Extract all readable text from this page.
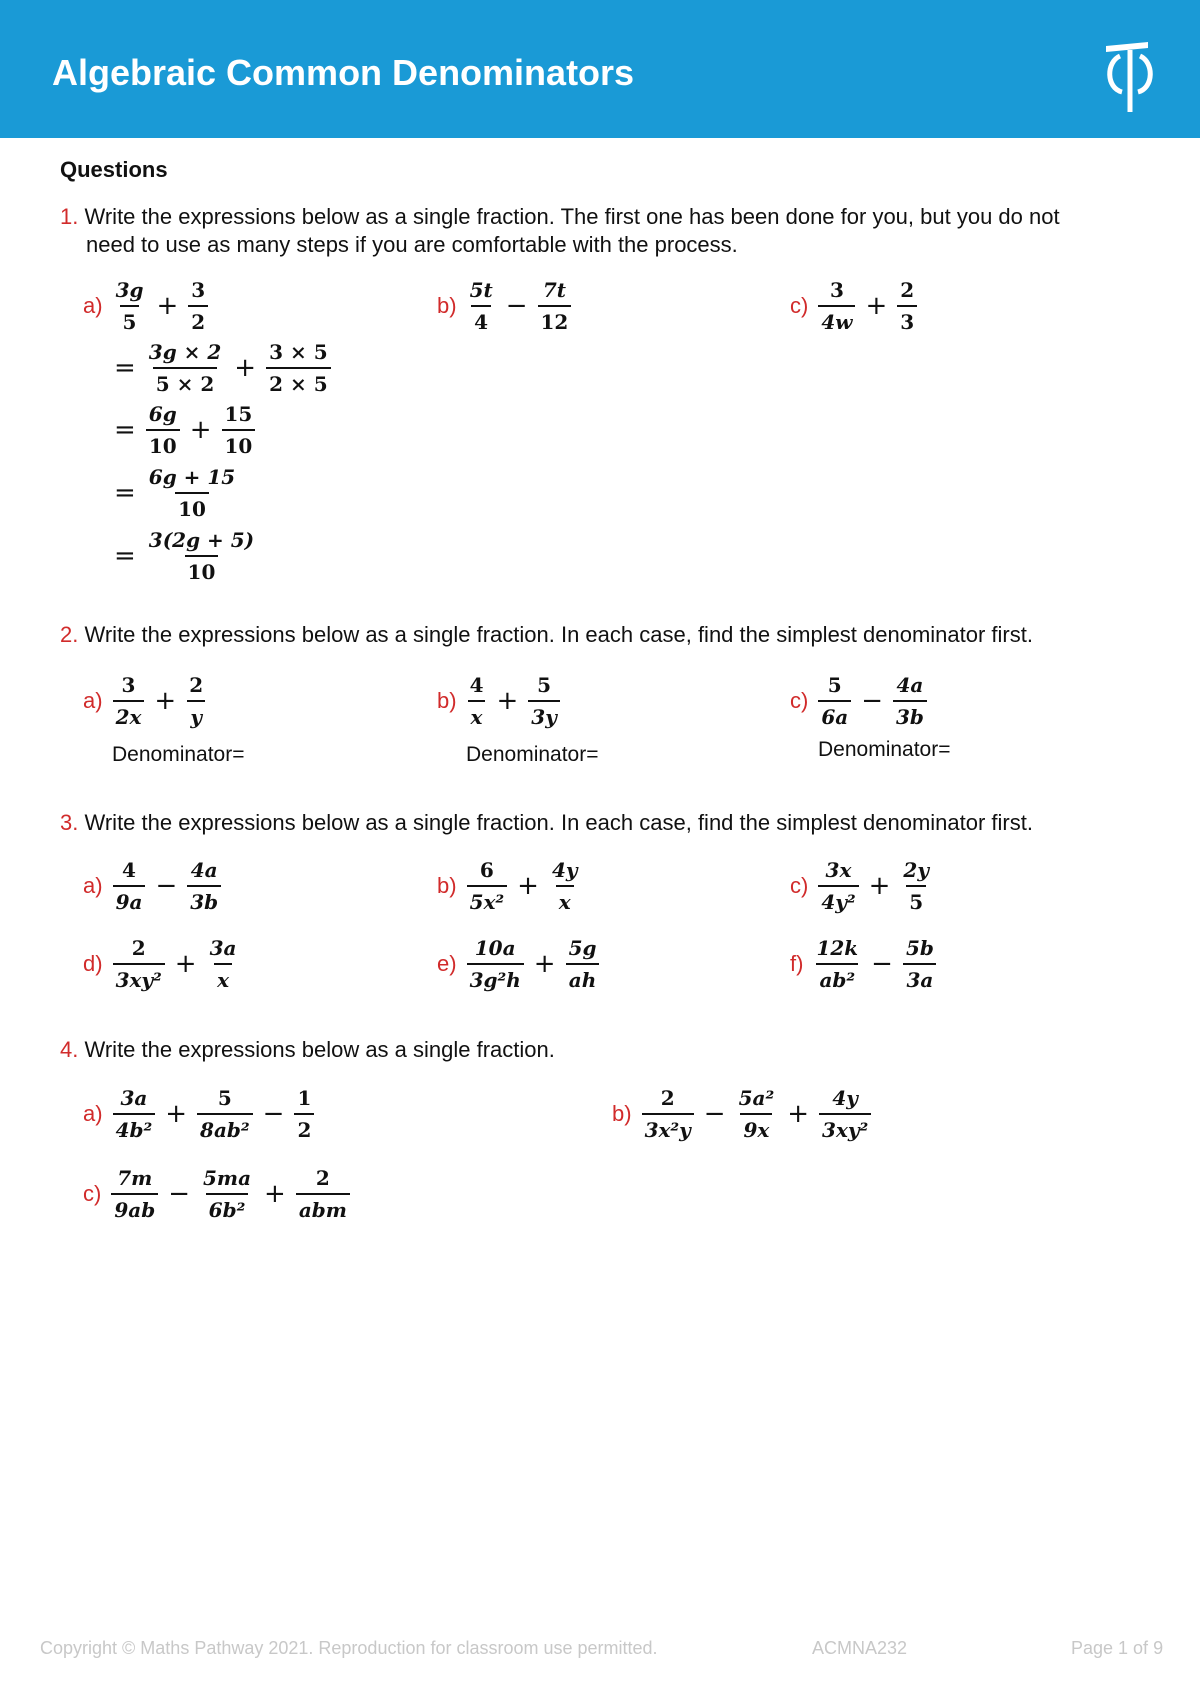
Algebraic Common Denominators
Questions
1. Write the expressions below as a single fraction. The first one has been done for you, but you do not
need to use as many steps if you are comfortable with the process.
$a) \frac{3g}{5} + \frac{3}{2}$
= $\frac{3g \times 2}{5 \times 2} + \frac{3 \times 5}{2 \times 5}$
= $\frac{6g}{10} + \frac{15}{10}$
= $\frac{6g + 15}{10}$
= $\frac{3(2g + 5)}{10}$
$b) \frac{5t}{4} - \frac{7t}{12}$	$c) \frac{3}{4w} + \frac{2}{3}$
2. Write the expressions below as a single fraction. In each case, find the simplest denominator first.
$a) \frac{3}{2x} + \frac{2}{y}$
Denominator=
$b) \frac{4}{x} + \frac{5}{3y}$
Denominator=
$c) \frac{5}{6a} - \frac{4a}{3b}$
Denominator=
3. Write the expressions below as a single fraction. In each case, find the simplest denominator first.
$a) \frac{4}{9a} - \frac{4a}{3b}$	$b) \frac{6}{\text{5x²}} + \frac{4y}{x}$	$c) \frac{3x}{\text{4y²}} + \frac{2y}{5}$
$d) \frac{2}{\text{3xy²}} + \frac{3a}{x}$	$e) \frac{10a}{\text{3g²h}} + \frac{5g}{ah}$	$f) \frac{12k}{\text{ab²}} - \frac{5b}{3a}$
4. Write the expressions below as a single fraction.
$a) \frac{3a}{\text{4b²}} + \frac{5}{\text{8ab²}} - \frac{1}{2}$	$b) \frac{2}{\text{3x²y}} - \frac{\text{5a²}}{9x} + \frac{4y}{\text{3xy²}}$
$c) \frac{7m}{9ab} - \frac{5ma}{\text{6b²}} + \frac{2}{\text{abm}}$
Copyright © Maths Pathway 2021. Reproduction for classroom use permitted.	ACMNA232	Page 1 of 9
